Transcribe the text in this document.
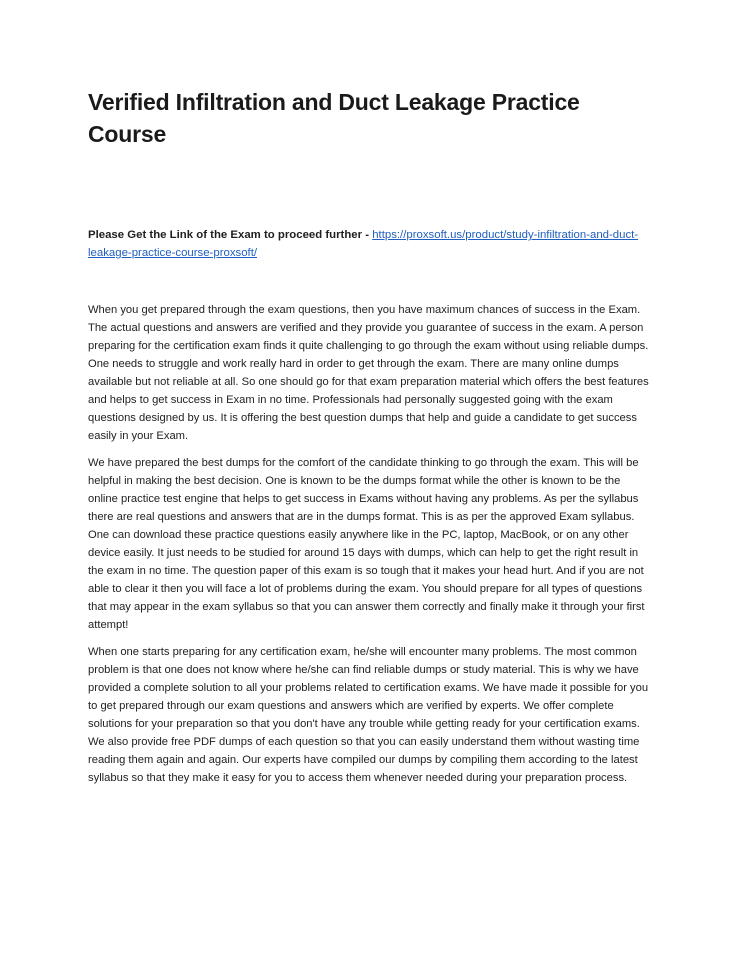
Verified Infiltration and Duct Leakage Practice Course

Please Get the Link of the Exam to proceed further - https://proxsoft.us/product/study-infiltration-and-duct-leakage-practice-course-proxsoft/

When you get prepared through the exam questions, then you have maximum chances of success in the Exam. The actual questions and answers are verified and they provide you guarantee of success in the exam. A person preparing for the certification exam finds it quite challenging to go through the exam without using reliable dumps. One needs to struggle and work really hard in order to get through the exam. There are many online dumps available but not reliable at all. So one should go for that exam preparation material which offers the best features and helps to get success in Exam in no time. Professionals had personally suggested going with the exam questions designed by us. It is offering the best question dumps that help and guide a candidate to get success easily in your Exam.

We have prepared the best dumps for the comfort of the candidate thinking to go through the exam. This will be helpful in making the best decision. One is known to be the dumps format while the other is known to be the online practice test engine that helps to get success in Exams without having any problems. As per the syllabus there are real questions and answers that are in the dumps format. This is as per the approved Exam syllabus. One can download these practice questions easily anywhere like in the PC, laptop, MacBook, or on any other device easily. It just needs to be studied for around 15 days with dumps, which can help to get the right result in the exam in no time. The question paper of this exam is so tough that it makes your head hurt. And if you are not able to clear it then you will face a lot of problems during the exam. You should prepare for all types of questions that may appear in the exam syllabus so that you can answer them correctly and finally make it through your first attempt!

When one starts preparing for any certification exam, he/she will encounter many problems. The most common problem is that one does not know where he/she can find reliable dumps or study material. This is why we have provided a complete solution to all your problems related to certification exams. We have made it possible for you to get prepared through our exam questions and answers which are verified by experts. We offer complete solutions for your preparation so that you don't have any trouble while getting ready for your certification exams. We also provide free PDF dumps of each question so that you can easily understand them without wasting time reading them again and again. Our experts have compiled our dumps by compiling them according to the latest syllabus so that they make it easy for you to access them whenever needed during your preparation process.
